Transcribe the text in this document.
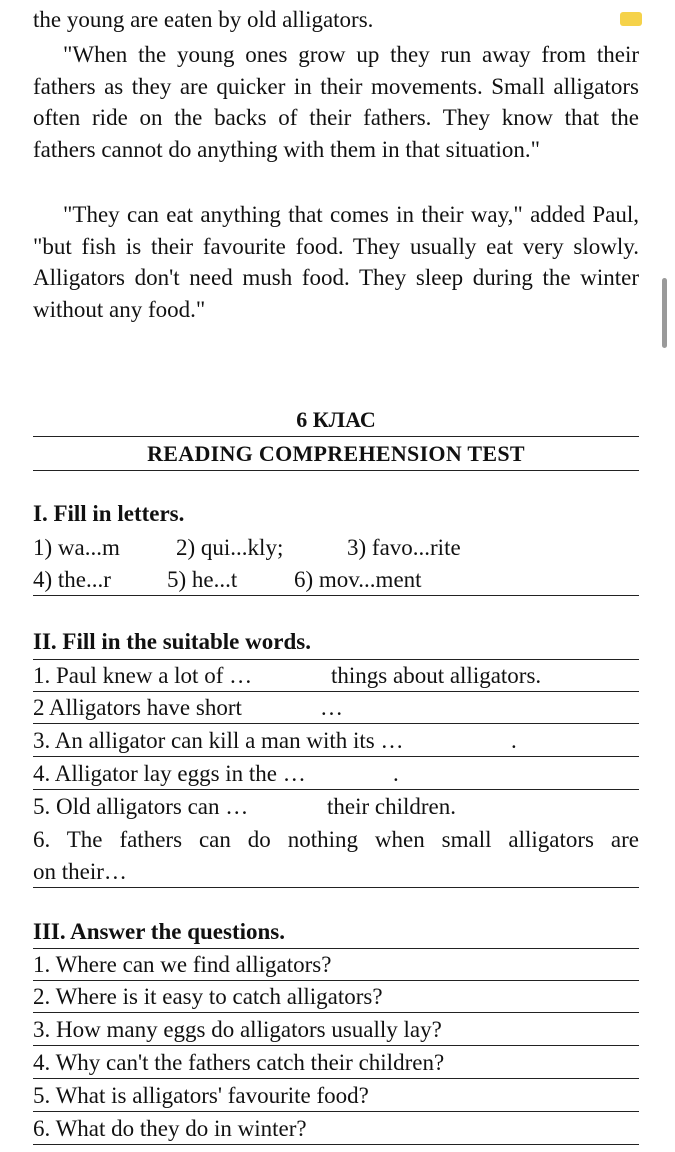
the young are eaten by old alligators.

"When the young ones grow up they run away from their fathers as they are quicker in their movements. Small alligators often ride on the backs of their fathers. They know that the fathers cannot do anything with them in that situation."

"They can eat anything that comes in their way," added Paul, "but fish is their favourite food. They usually eat very slowly. Alligators don't need mush food. They sleep during the winter without any food."

6 КЛАС
READING COMPREHENSION TEST
I. Fill in letters.
1) wa...m 2) qui...kly;	3) favo...rite
4) the...r 5) he...t 6) mov...ment
II. Fill in the suitable words.
1. Paul knew a lot of …	things about alligators.
2 Alligators have short	…
3. An alligator can kill a man with its …	.
4. Alligator lay eggs in the …	.
5. Old alligators can …	their children.
6. The fathers can do nothing when small alligators are
on their…
III. Answer the questions.
1. Where can we find alligators?
2. Where is it easy to catch alligators?
3. How many eggs do alligators usually lay?
4. Why can't the fathers catch their children?
5. What is alligators' favourite food?
6. What do they do in winter?
